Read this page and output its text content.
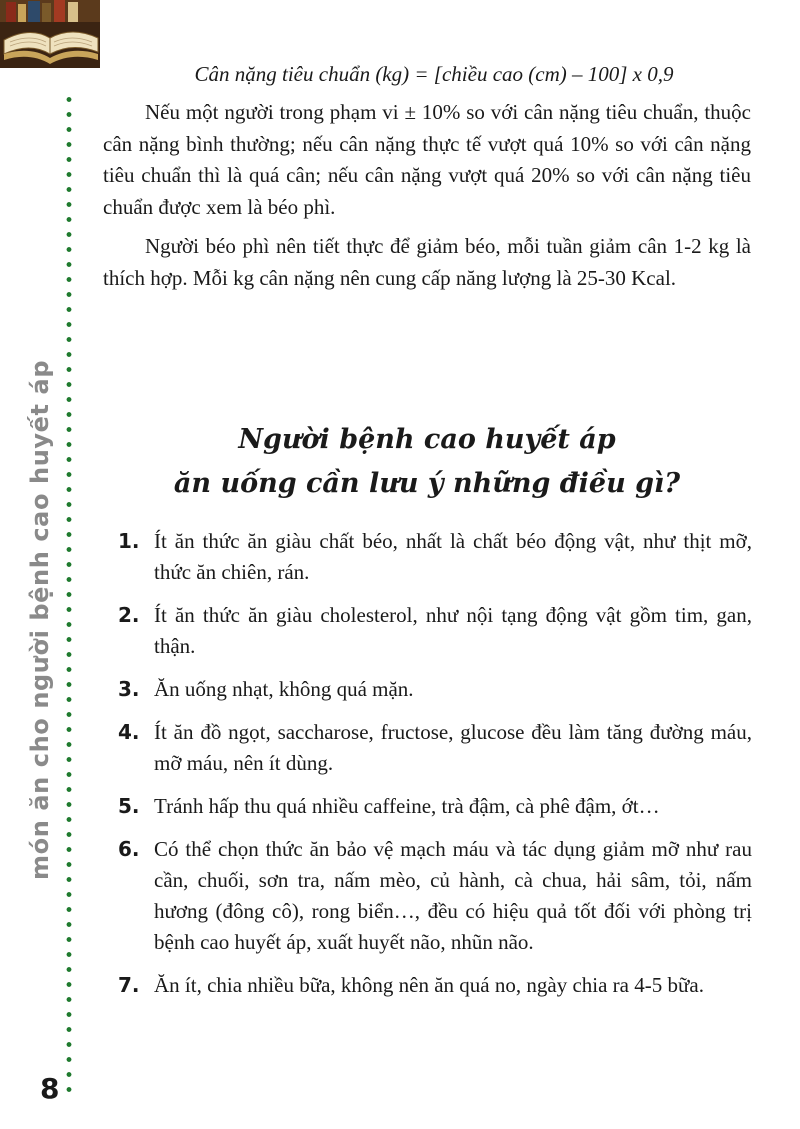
món ăn cho người bệnh cao huyết áp
8

Cân nặng tiêu chuẩn (kg) = [chiều cao (cm) – 100] x 0,9

Nếu một người trong phạm vi ± 10% so với cân nặng tiêu chuẩn, thuộc cân nặng bình thường; nếu cân nặng thực tế vượt quá 10% so với cân nặng tiêu chuẩn thì là quá cân; nếu cân nặng vượt quá 20% so với cân nặng tiêu chuẩn được xem là béo phì.

Người béo phì nên tiết thực để giảm béo, mỗi tuần giảm cân 1-2 kg là thích hợp. Mỗi kg cân nặng nên cung cấp năng lượng là 25-30 Kcal.

Người bệnh cao huyết áp
ăn uống cần lưu ý những điều gì?
1. Ít ăn thức ăn giàu chất béo, nhất là chất béo động vật, như thịt mỡ, thức ăn chiên, rán.
2. Ít ăn thức ăn giàu cholesterol, như nội tạng động vật gồm tim, gan, thận.
3. Ăn uống nhạt, không quá mặn.
4. Ít ăn đồ ngọt, saccharose, fructose, glucose đều làm tăng đường máu, mỡ máu, nên ít dùng.
5. Tránh hấp thu quá nhiều caffeine, trà đậm, cà phê đậm, ớt…
6. Có thể chọn thức ăn bảo vệ mạch máu và tác dụng giảm mỡ như rau cần, chuối, sơn tra, nấm mèo, củ hành, cà chua, hải sâm, tỏi, nấm hương (đông cô), rong biển…, đều có hiệu quả tốt đối với phòng trị bệnh cao huyết áp, xuất huyết não, nhũn não.
7. Ăn ít, chia nhiều bữa, không nên ăn quá no, ngày chia ra 4-5 bữa.
